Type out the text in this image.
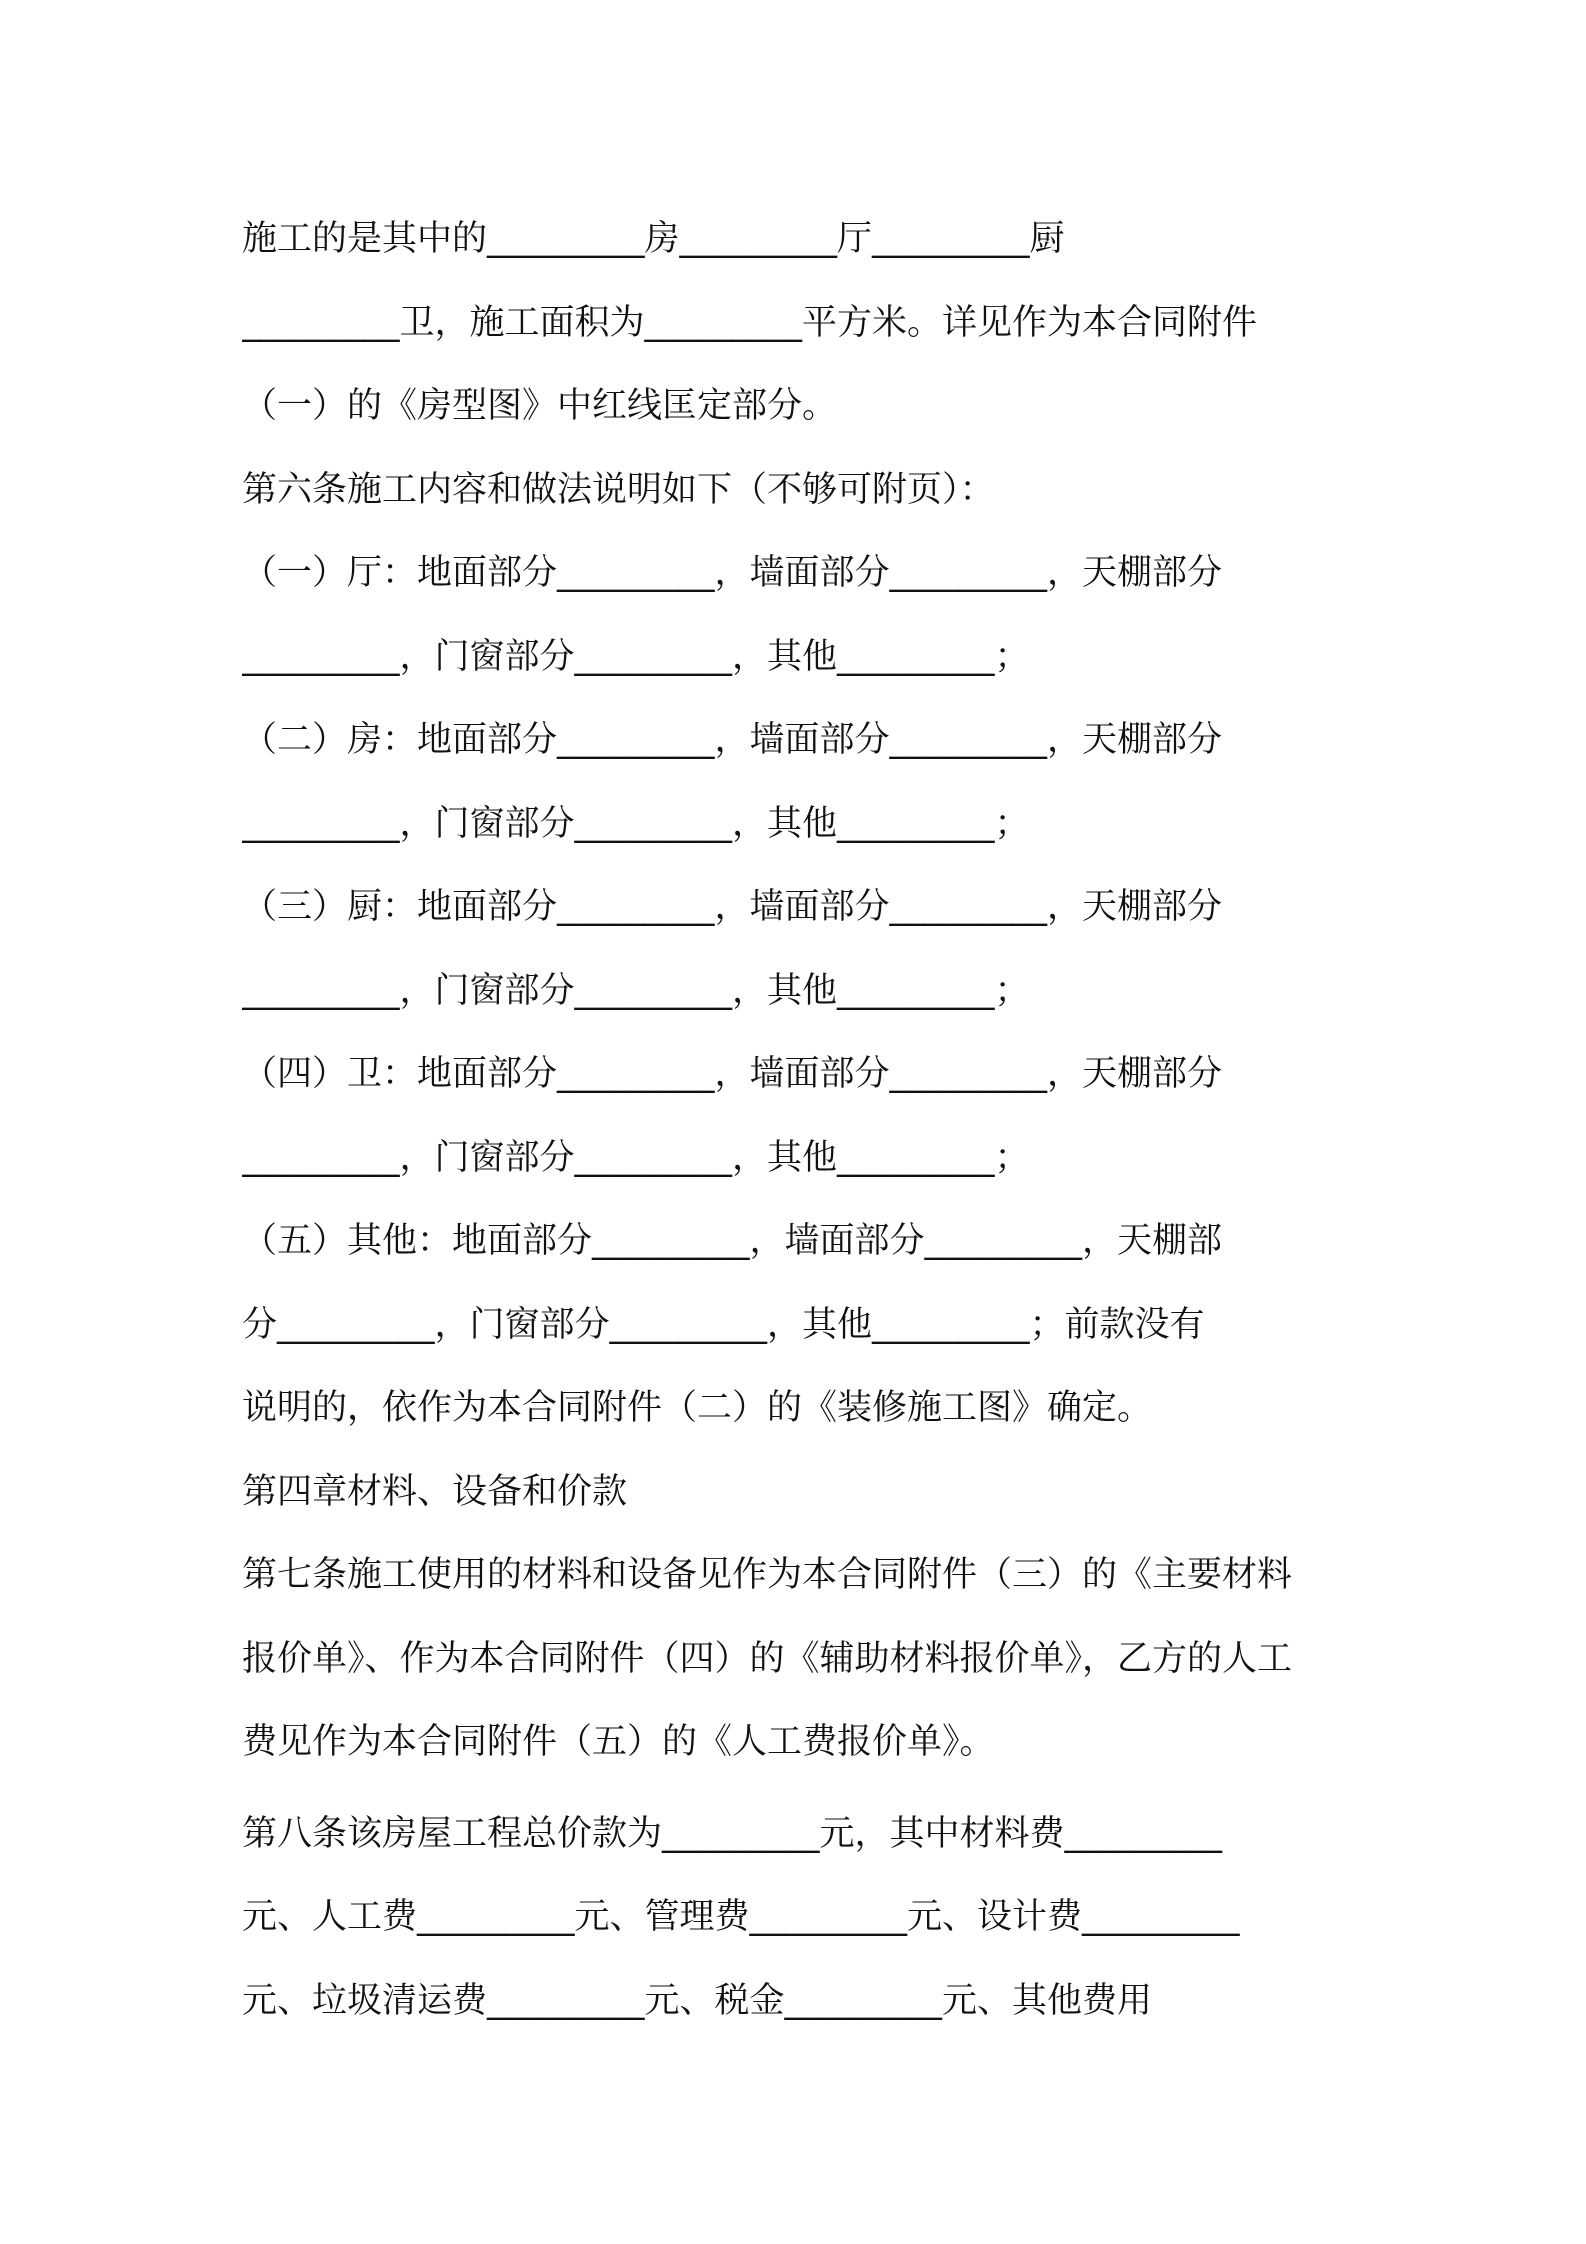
施工的是其中的_________房_________厅_________厨
_________卫，施工面积为_________平方米。详见作为本合同附件
（一）的《房型图》中红线匡定部分。
第六条施工内容和做法说明如下（不够可附页）：
（一）厅：地面部分_________，墙面部分_________，天棚部分
_________，门窗部分_________，其他_________；
（二）房：地面部分_________，墙面部分_________，天棚部分
_________，门窗部分_________，其他_________；
（三）厨：地面部分_________，墙面部分_________，天棚部分
_________，门窗部分_________，其他_________；
（四）卫：地面部分_________，墙面部分_________，天棚部分
_________，门窗部分_________，其他_________；
（五）其他：地面部分_________，墙面部分_________，天棚部
分_________，门窗部分_________，其他_________；前款没有
说明的，依作为本合同附件（二）的《装修施工图》确定。
第四章材料、设备和价款
第七条施工使用的材料和设备见作为本合同附件（三）的《主要材料
报价单》、作为本合同附件（四）的《辅助材料报价单》，乙方的人工
费见作为本合同附件（五）的《人工费报价单》。
第八条该房屋工程总价款为_________元，其中材料费_________
元、人工费_________元、管理费_________元、设计费_________
元、垃圾清运费_________元、税金_________元、其他费用
